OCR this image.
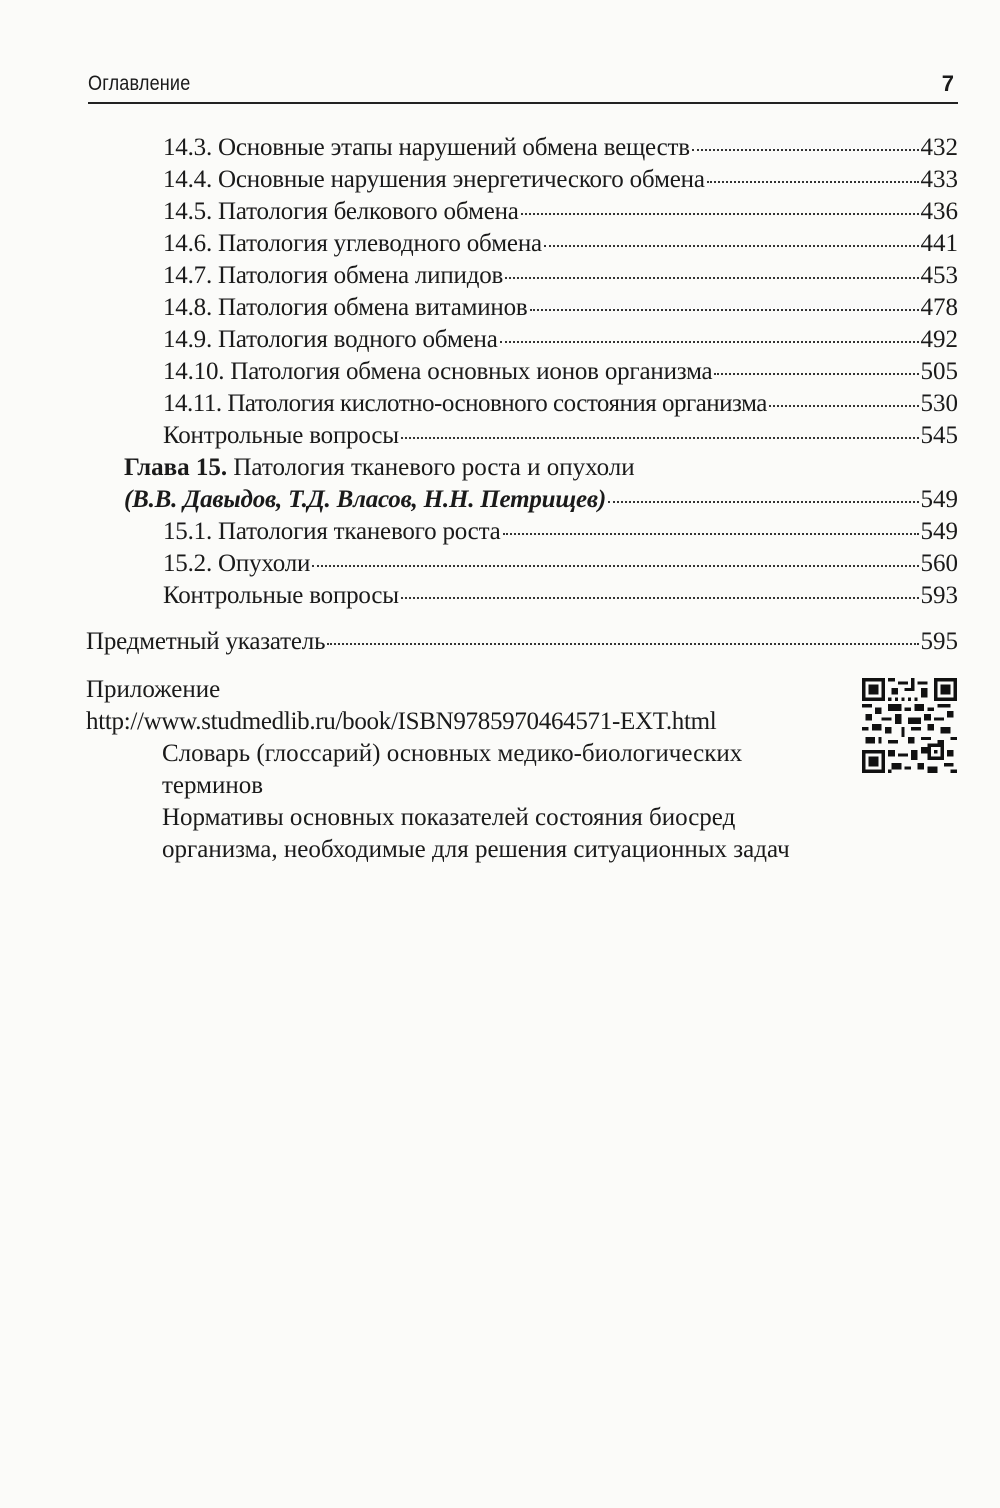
Оглавление	7
14.3. Основные этапы нарушений обмена веществ	432
14.4. Основные нарушения энергетического обмена	433
14.5. Патология белкового обмена	436
14.6. Патология углеводного обмена	441
14.7. Патология обмена липидов	453
14.8. Патология обмена витаминов	478
14.9. Патология водного обмена	492
14.10. Патология обмена основных ионов организма	505
14.11. Патология кислотно-основного состояния организма	530
Контрольные вопросы	545
Глава 15. Патология тканевого роста и опухоли
(В.В. Давыдов, Т.Д. Власов, Н.Н. Петрищев)	549
15.1. Патология тканевого роста	549
15.2. Опухоли	560
Контрольные вопросы	593
Предметный указатель	595
Приложение
http://www.studmedlib.ru/book/ISBN9785970464571-EXT.html
Словарь (глоссарий) основных медико-биологических
терминов
Нормативы основных показателей состояния биосред
организма, необходимые для решения ситуационных задач
